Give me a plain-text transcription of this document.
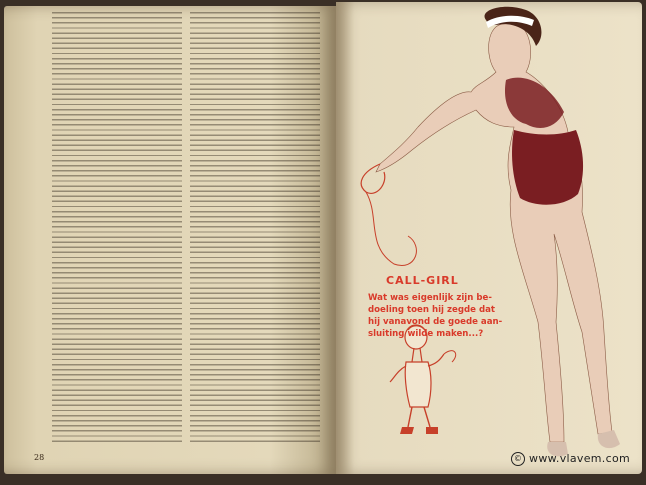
28
CALL-GIRL
Wat was eigenlijk zijn be-
doeling toen hij zegde dat
hij vanavond de goede aan-
sluiting wilde maken...?
© www.vlavem.com
